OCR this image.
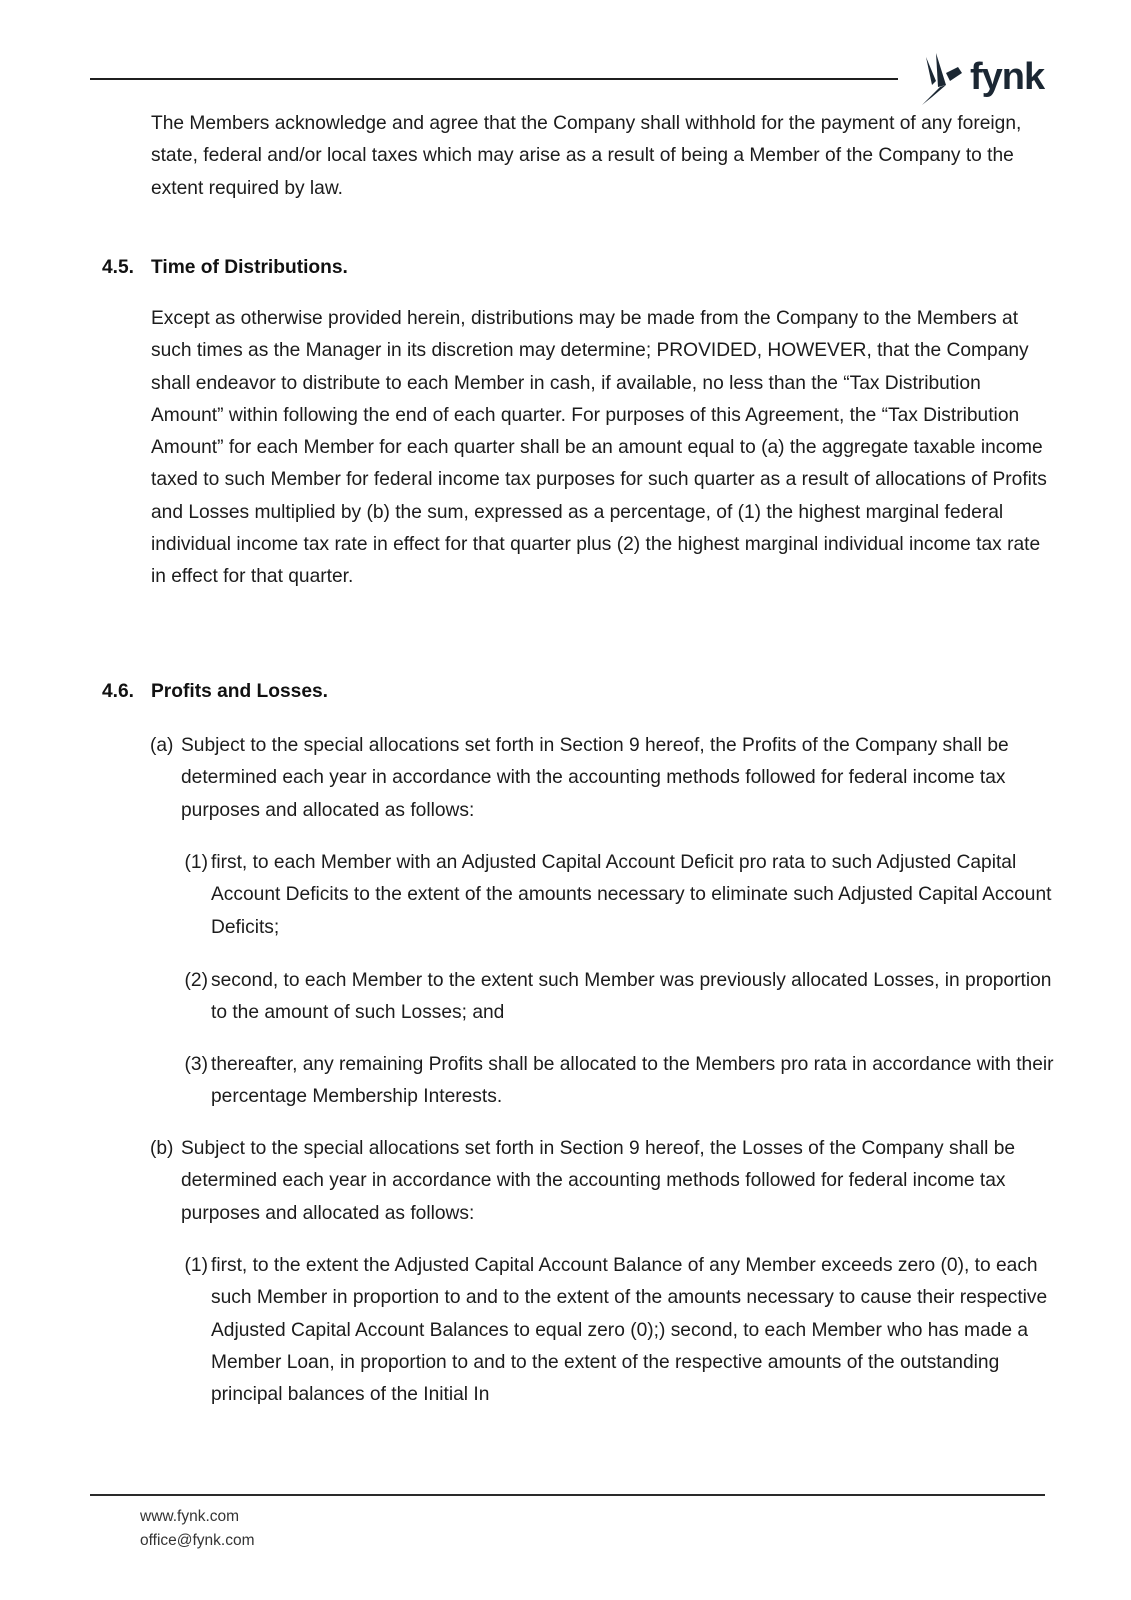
fynk
The Members acknowledge and agree that the Company shall withhold for the payment of any foreign, state, federal and/or local taxes which may arise as a result of being a Member of the Company to the extent required by law.
4.5. Time of Distributions.
Except as otherwise provided herein, distributions may be made from the Company to the Members at such times as the Manager in its discretion may determine; PROVIDED, HOWEVER, that the Company shall endeavor to distribute to each Member in cash, if available, no less than the “Tax Distribution Amount” within following the end of each quarter. For purposes of this Agreement, the “Tax Distribution Amount” for each Member for each quarter shall be an amount equal to (a) the aggregate taxable income taxed to such Member for federal income tax purposes for such quarter as a result of allocations of Profits and Losses multiplied by (b) the sum, expressed as a percentage, of (1) the highest marginal federal individual income tax rate in effect for that quarter plus (2) the highest marginal individual income tax rate in effect for that quarter.
4.6. Profits and Losses.
(a) Subject to the special allocations set forth in Section 9 hereof, the Profits of the Company shall be determined each year in accordance with the accounting methods followed for federal income tax purposes and allocated as follows:
(1) first, to each Member with an Adjusted Capital Account Deficit pro rata to such Adjusted Capital Account Deficits to the extent of the amounts necessary to eliminate such Adjusted Capital Account Deficits;
(2) second, to each Member to the extent such Member was previously allocated Losses, in proportion to the amount of such Losses; and
(3) thereafter, any remaining Profits shall be allocated to the Members pro rata in accordance with their percentage Membership Interests.
(b) Subject to the special allocations set forth in Section 9 hereof, the Losses of the Company shall be determined each year in accordance with the accounting methods followed for federal income tax purposes and allocated as follows:
(1) first, to the extent the Adjusted Capital Account Balance of any Member exceeds zero (0), to each such Member in proportion to and to the extent of the amounts necessary to cause their respective Adjusted Capital Account Balances to equal zero (0);) second, to each Member who has made a Member Loan, in proportion to and to the extent of the respective amounts of the outstanding principal balances of the Initial In
www.fynk.com
office@fynk.com
